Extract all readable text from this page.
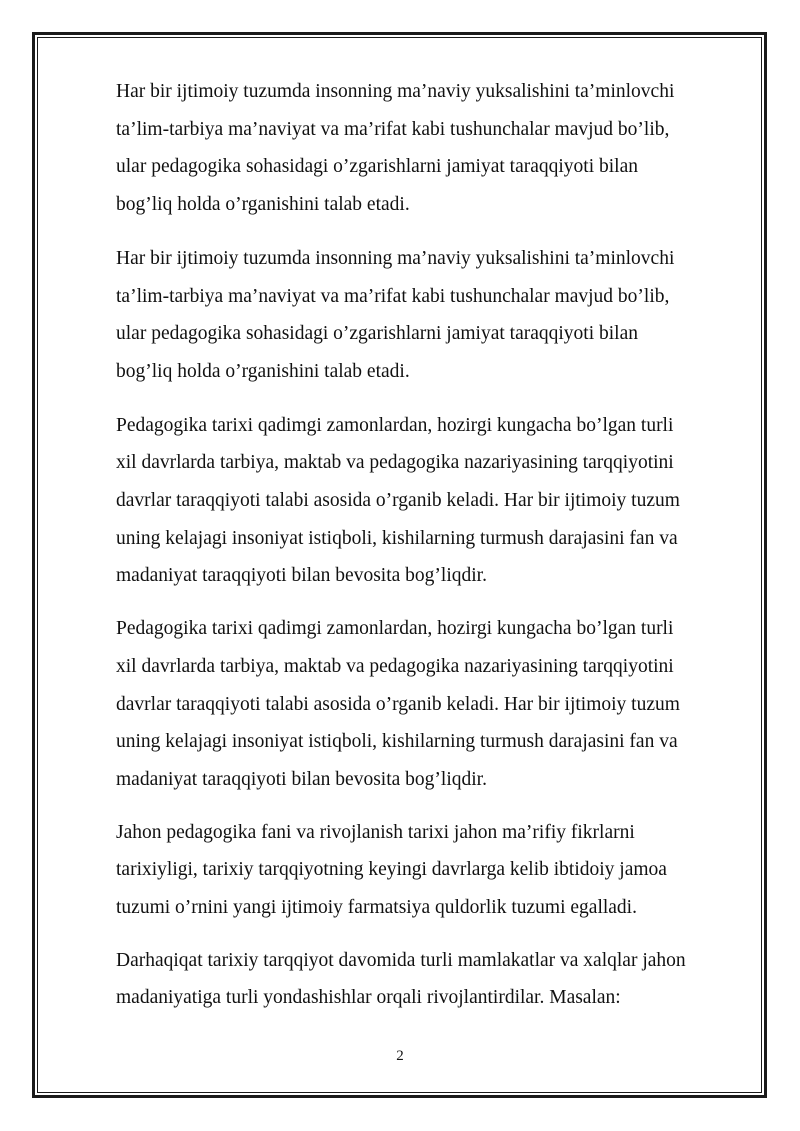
Har bir ijtimoiy tuzumda insonning ma’naviy yuksalishini ta’minlovchi
ta’lim-tarbiya ma’naviyat va ma’rifat kabi tushunchalar mavjud bo’lib,
ular pedagogika sohasidagi o’zgarishlarni jamiyat taraqqiyoti bilan
bog’liq holda o’rganishini talab etadi.
Har bir ijtimoiy tuzumda insonning ma’naviy yuksalishini ta’minlovchi
ta’lim-tarbiya ma’naviyat va ma’rifat kabi tushunchalar mavjud bo’lib,
ular pedagogika sohasidagi o’zgarishlarni jamiyat taraqqiyoti bilan
bog’liq holda o’rganishini talab etadi.
Pedagogika tarixi qadimgi zamonlardan, hozirgi kungacha bo’lgan turli
xil davrlarda tarbiya, maktab va pedagogika nazariyasining tarqqiyotini
davrlar taraqqiyoti talabi asosida o’rganib keladi. Har bir ijtimoiy tuzum
uning kelajagi insoniyat istiqboli, kishilarning turmush darajasini fan va
madaniyat taraqqiyoti bilan bevosita bog’liqdir.
Pedagogika tarixi qadimgi zamonlardan, hozirgi kungacha bo’lgan turli
xil davrlarda tarbiya, maktab va pedagogika nazariyasining tarqqiyotini
davrlar taraqqiyoti talabi asosida o’rganib keladi. Har bir ijtimoiy tuzum
uning kelajagi insoniyat istiqboli, kishilarning turmush darajasini fan va
madaniyat taraqqiyoti bilan bevosita bog’liqdir.
Jahon pedagogika fani va rivojlanish tarixi jahon ma’rifiy fikrlarni
tarixiyligi, tarixiy tarqqiyotning keyingi davrlarga kelib ibtidoiy jamoa
tuzumi o’rnini yangi ijtimoiy farmatsiya quldorlik tuzumi egalladi.
Darhaqiqat tarixiy tarqqiyot davomida turli mamlakatlar va xalqlar jahon
madaniyatiga turli yondashishlar orqali rivojlantirdilar. Masalan:
2
